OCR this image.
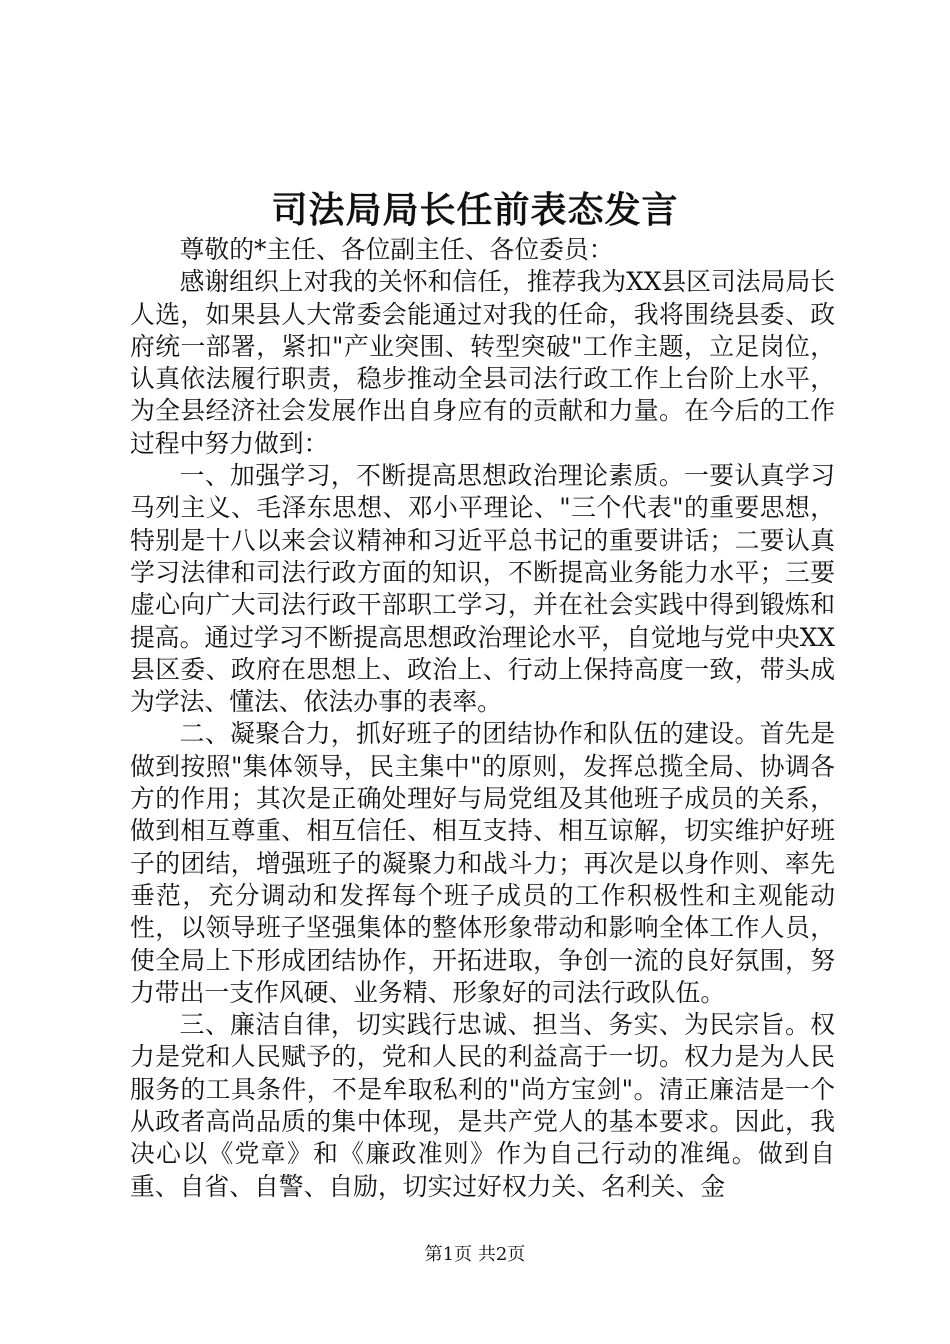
司法局局长任前表态发言

尊敬的*主任、各位副主任、各位委员：

感谢组织上对我的关怀和信任，推荐我为XX县区司法局局长人选，如果县人大常委会能通过对我的任命，我将围绕县委、政府统一部署，紧扣"产业突围、转型突破"工作主题，立足岗位，认真依法履行职责，稳步推动全县司法行政工作上台阶上水平，为全县经济社会发展作出自身应有的贡献和力量。在今后的工作过程中努力做到：

一、加强学习，不断提高思想政治理论素质。一要认真学习马列主义、毛泽东思想、邓小平理论、"三个代表"的重要思想，特别是十八以来会议精神和习近平总书记的重要讲话；二要认真学习法律和司法行政方面的知识，不断提高业务能力水平；三要虚心向广大司法行政干部职工学习，并在社会实践中得到锻炼和提高。通过学习不断提高思想政治理论水平，自觉地与党中央XX县区委、政府在思想上、政治上、行动上保持高度一致，带头成为学法、懂法、依法办事的表率。

二、凝聚合力，抓好班子的团结协作和队伍的建设。首先是做到按照"集体领导，民主集中"的原则，发挥总揽全局、协调各方的作用；其次是正确处理好与局党组及其他班子成员的关系，做到相互尊重、相互信任、相互支持、相互谅解，切实维护好班子的团结，增强班子的凝聚力和战斗力；再次是以身作则、率先垂范，充分调动和发挥每个班子成员的工作积极性和主观能动性，以领导班子坚强集体的整体形象带动和影响全体工作人员，使全局上下形成团结协作，开拓进取，争创一流的良好氛围，努力带出一支作风硬、业务精、形象好的司法行政队伍。

三、廉洁自律，切实践行忠诚、担当、务实、为民宗旨。权力是党和人民赋予的，党和人民的利益高于一切。权力是为人民服务的工具条件，不是牟取私利的"尚方宝剑"。清正廉洁是一个从政者高尚品质的集中体现，是共产党人的基本要求。因此，我决心以《党章》和《廉政准则》作为自己行动的准绳。做到自重、自省、自警、自励，切实过好权力关、名利关、金

第1页 共2页
